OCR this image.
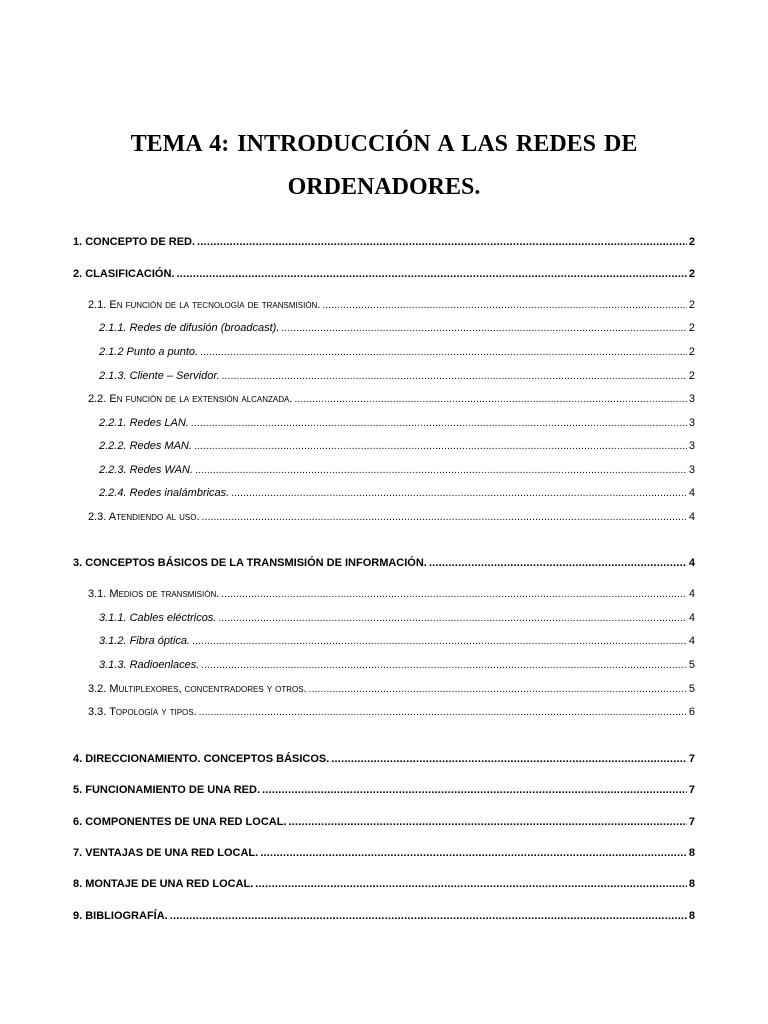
TEMA 4: INTRODUCCIÓN A LAS REDES DE
ORDENADORES.
1. CONCEPTO DE RED. .....	2
2. CLASIFICACIÓN. .....	2
2.1. En función de la tecnología de transmisión. .....	2
2.1.1. Redes de difusión (broadcast). .....	2
2.1.2 Punto a punto. .....	2
2.1.3. Cliente – Servidor. .....	2
2.2. En función de la extensión alcanzada. .....	3
2.2.1. Redes LAN. .....	3
2.2.2. Redes MAN. .....	3
2.2.3. Redes WAN. .....	3
2.2.4. Redes inalámbricas. .....	4
2.3. Atendiendo al uso. .....	4
3. CONCEPTOS BÁSICOS DE LA TRANSMISIÓN DE INFORMACIÓN. .....	4
3.1. Medios de transmisión. .....	4
3.1.1. Cables eléctricos. .....	4
3.1.2. Fibra óptica. .....	4
3.1.3. Radioenlaces. .....	5
3.2. Multiplexores, concentradores y otros. .....	5
3.3. Topología y tipos. .....	6
4. DIRECCIONAMIENTO. CONCEPTOS BÁSICOS. .....	7
5. FUNCIONAMIENTO DE UNA RED. .....	7
6. COMPONENTES DE UNA RED LOCAL. .....	7
7. VENTAJAS DE UNA RED LOCAL. .....	8
8. MONTAJE DE UNA RED LOCAL. .....	8
9. BIBLIOGRAFÍA. .....	8
